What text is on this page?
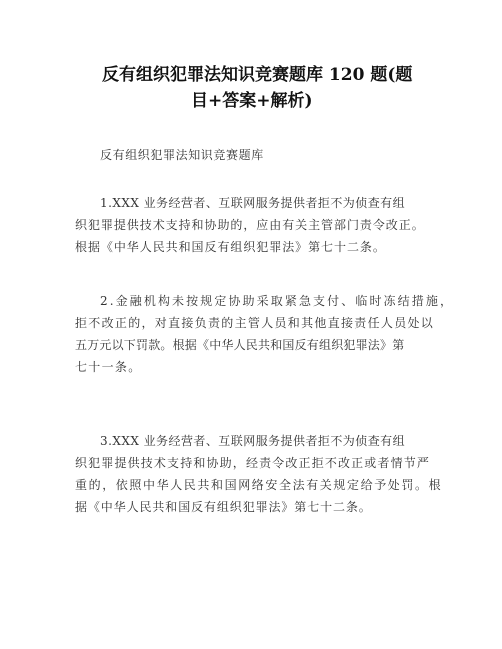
反有组织犯罪法知识竞赛题库 120 题(题
目+答案+解析)

反有组织犯罪法知识竞赛题库

1.XXX 业务经营者、互联网服务提供者拒不为侦查有组
织犯罪提供技术支持和协助的，应由有关主管部门责令改正。
根据《中华人民共和国反有组织犯罪法》第七十二条。
2.金融机构未按规定协助采取紧急支付、临时冻结措施，
拒不改正的，对直接负责的主管人员和其他直接责任人员处以
五万元以下罚款。根据《中华人民共和国反有组织犯罪法》第
七十一条。
3.XXX 业务经营者、互联网服务提供者拒不为侦查有组
织犯罪提供技术支持和协助，经责令改正拒不改正或者情节严
重的，依照中华人民共和国网络安全法有关规定给予处罚。根
据《中华人民共和国反有组织犯罪法》第七十二条。
